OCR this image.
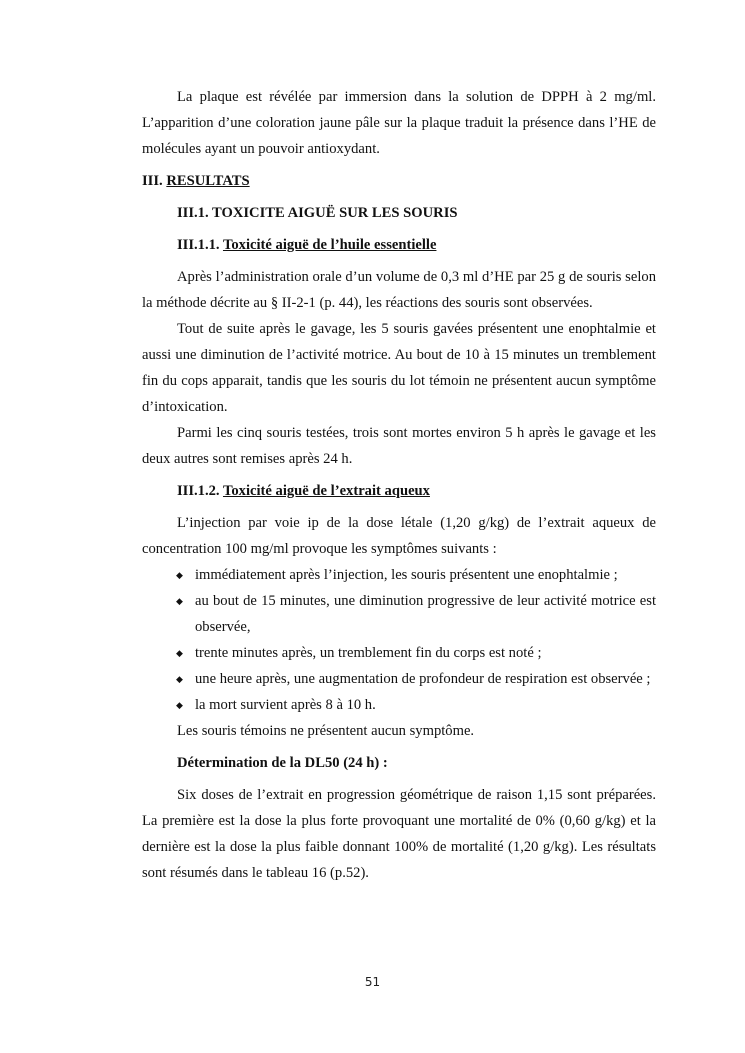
La plaque est révélée par immersion dans la solution de DPPH à 2 mg/ml. L’apparition d’une coloration jaune pâle sur la plaque traduit la présence dans l’HE de molécules ayant un pouvoir antioxydant.

III. RESULTATS
III.1. TOXICITE AIGUË SUR LES SOURIS
III.1.1. Toxicité aiguë de l’huile essentielle

Après l’administration orale d’un volume de 0,3 ml d’HE par 25 g de souris selon la méthode décrite au § II-2-1 (p. 44), les réactions des souris sont observées.

Tout de suite après le gavage, les 5 souris gavées présentent une enophtalmie et aussi une diminution de l’activité motrice. Au bout de 10 à 15 minutes un tremblement fin du cops apparait, tandis que les souris du lot témoin ne présentent aucun symptôme d’intoxication.

Parmi les cinq souris testées, trois sont mortes environ 5 h après le gavage et les deux autres sont remises après 24 h.

III.1.2. Toxicité aiguë de l’extrait aqueux

L’injection par voie ip de la dose létale (1,20 g/kg) de l’extrait aqueux de concentration 100 mg/ml provoque les symptômes suivants :

◆ immédiatement après l’injection, les souris présentent une enophtalmie ;
◆ au bout de 15 minutes, une diminution progressive de leur activité motrice est observée,
◆ trente minutes après, un tremblement fin du corps est noté ;
◆ une heure après, une augmentation de profondeur de respiration est observée ;
◆ la mort survient après 8 à 10 h.

Les souris témoins ne présentent aucun symptôme.

Détermination de la DL50 (24 h) :

Six doses de l’extrait en progression géométrique de raison 1,15 sont préparées. La première est la dose la plus forte provoquant une mortalité de 0% (0,60 g/kg) et la dernière est la dose la plus faible donnant 100% de mortalité (1,20 g/kg). Les résultats sont résumés dans le tableau 16 (p.52).

51
